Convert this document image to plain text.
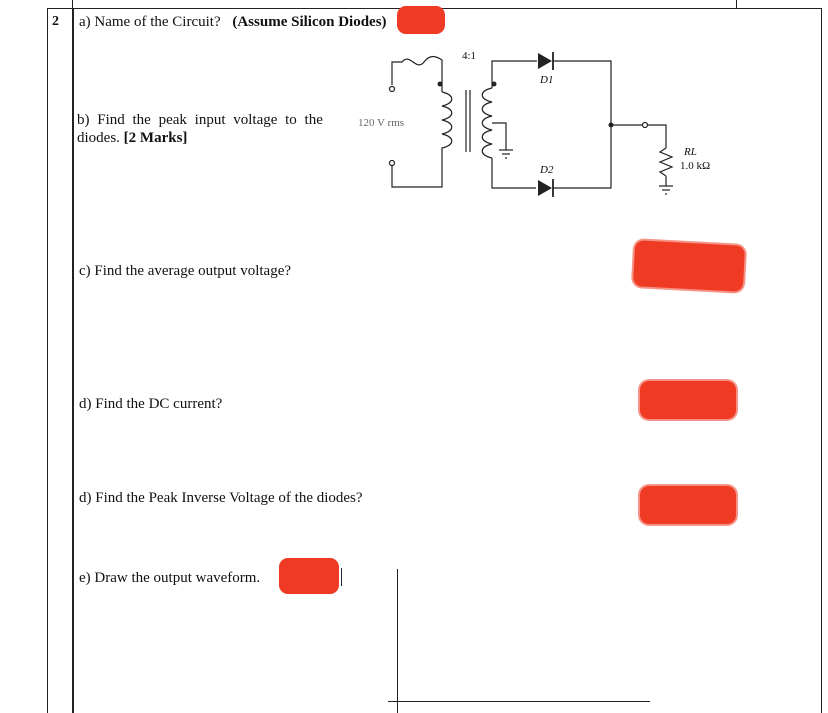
2 a) Name of the Circuit? (Assume Silicon Diodes)
b) Find the peak input voltage to the
diodes. [2 Marks]
4:1
120 V rms
D1
D2
RL
1.0 kΩ
c) Find the average output voltage?
d) Find the DC current?
d) Find the Peak Inverse Voltage of the diodes?
e) Draw the output waveform.
